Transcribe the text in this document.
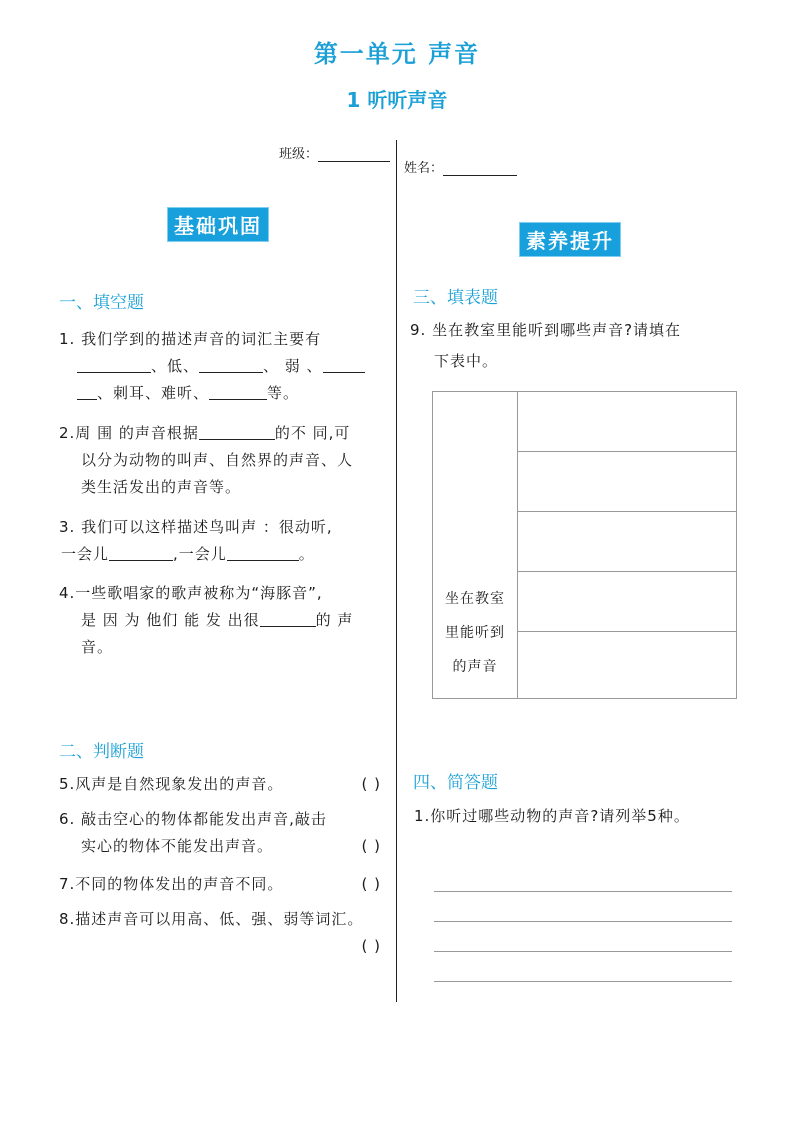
第一单元 声音
1 听听声音
班级：
姓名：
基础巩固
一、填空题
1. 我们学到的描述声音的词汇主要有
、低、	、 弱 、
、刺耳、难听、	等。
2.周 围 的声音根据	的不 同,可
以分为动物的叫声、自然界的声音、人
类生活发出的声音等。
3. 我们可以这样描述鸟叫声 ：很动听,
一会儿	,一会儿	。
4.一些歌唱家的歌声被称为“海豚音”,
是 因 为 他们 能 发 出很	的 声
音。
二、判断题
5.风声是自然现象发出的声音。	( )
6. 敲击空心的物体都能发出声音,敲击
实心的物体不能发出声音。	( )
7.不同的物体发出的声音不同。	( )
8.描述声音可以用高、低、强、弱等词汇。
( )
素养提升
三、填表题
9. 坐在教室里能听到哪些声音?请填在
下表中。
坐在教室
里能听到
的声音

四、简答题
1.你听过哪些动物的声音?请列举5种。
